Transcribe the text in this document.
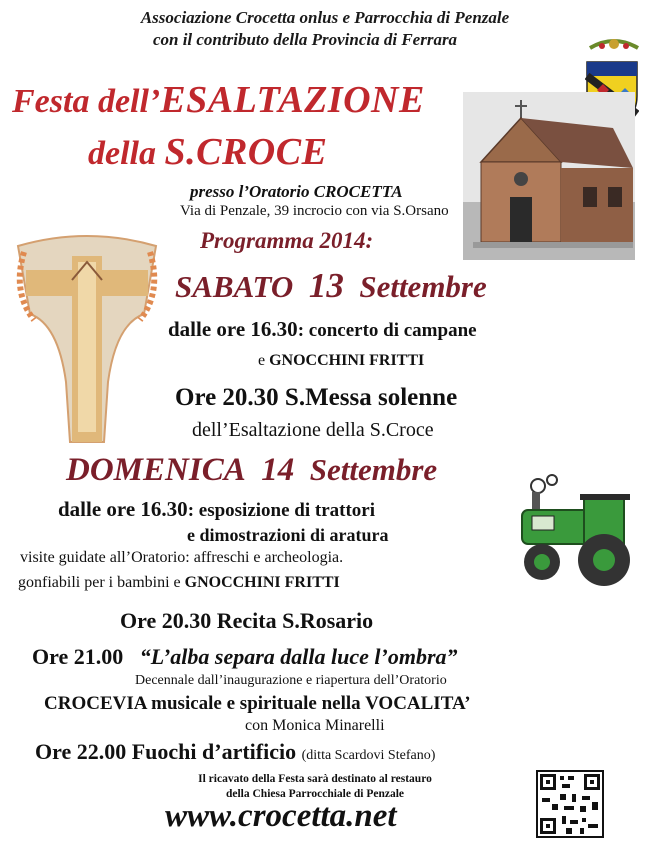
Associazione Crocetta onlus e Parrocchia di Penzale
con il contributo della Provincia di Ferrara
Festa dell’ESALTAZIONE
della S.CROCE
presso l’Oratorio CROCETTA
Via di Penzale, 39 incrocio con via S.Orsano
Programma 2014:
SABATO 13 Settembre
dalle ore 16.30: concerto di campane
e GNOCCHINI FRITTI
Ore 20.30 S.Messa solenne
dell’Esaltazione della S.Croce
DOMENICA 14 Settembre
dalle ore 16.30: esposizione di trattori
e dimostrazioni di aratura
visite guidate all’Oratorio: affreschi e archeologia.
gonfiabili per i bambini e GNOCCHINI FRITTI
Ore 20.30 Recita S.Rosario
Ore 21.00 “L’alba separa dalla luce l’ombra”
Decennale dall’inaugurazione e riapertura dell’Oratorio
CROCEVIA musicale e spirituale nella VOCALITA’
con Monica Minarelli
Ore 22.00 Fuochi d’artificio (ditta Scardovi Stefano)
Il ricavato della Festa sarà destinato al restauro
della Chiesa Parrocchiale di Penzale
www.crocetta.net
